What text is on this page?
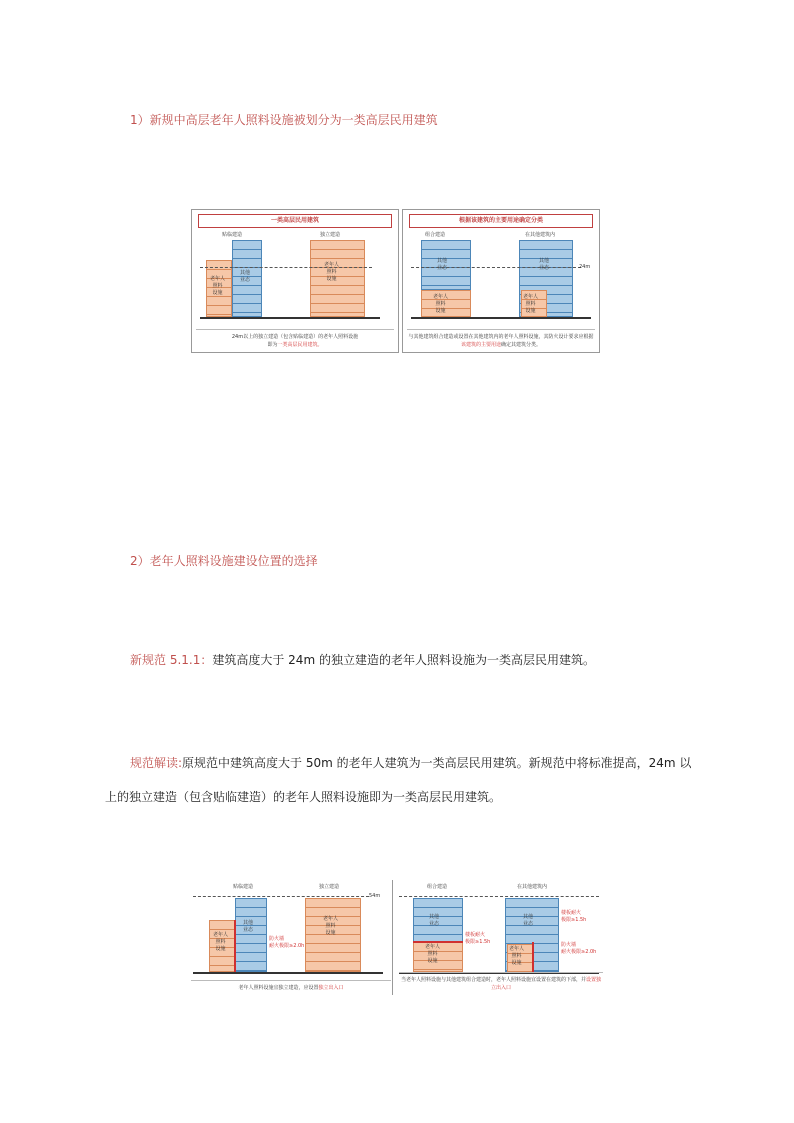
1）新规中高层老年人照料设施被划分为一类高层民用建筑
一类高层民用建筑
贴临建造	独立建造
老年人
照料
设施
其他
业态
老年人
照料
设施
24m以上的独立建造（包含贴临建造）的老年人照料设施
即为一类高层民用建筑。
根据该建筑的主要用途确定分类
组合建造	在其他建筑内
其他
业态
老年人
照料
设施
其他
业态
老年人
照料
设施
24m
与其他建筑组合建造或设置在其他建筑内的老年人照料设施，其防火设计要求应根据该建筑的主要用途确定其建筑分类。
2）老年人照料设施建设位置的选择
新规范 5.1.1：建筑高度大于 24m 的独立建造的老年人照料设施为一类高层民用建筑。
规范解读:原规范中建筑高度大于 50m 的老年人建筑为一类高层民用建筑。新规范中将标准提高，24m 以
上的独立建造（包含贴临建造）的老年人照料设施即为一类高层民用建筑。
贴临建造	独立建造
54m
老年人
照料
设施
其他
业态
防火墙
耐火极限≥2.0h
老年人
照料
设施
老年人照料设施宜独立建造，应设置独立出入口
组合建造	在其他建筑内
其他
业态
老年人
照料
设施
楼板耐火
极限≥1.5h
其他
业态
老年人
照料
设施
楼板耐火
极限≥1.5h
防火墙
耐火极限≥2.0h
当老年人照料设施与其他建筑组合建造时，老年人照料设施宜设置在建筑的下部，并设置独立出入口
